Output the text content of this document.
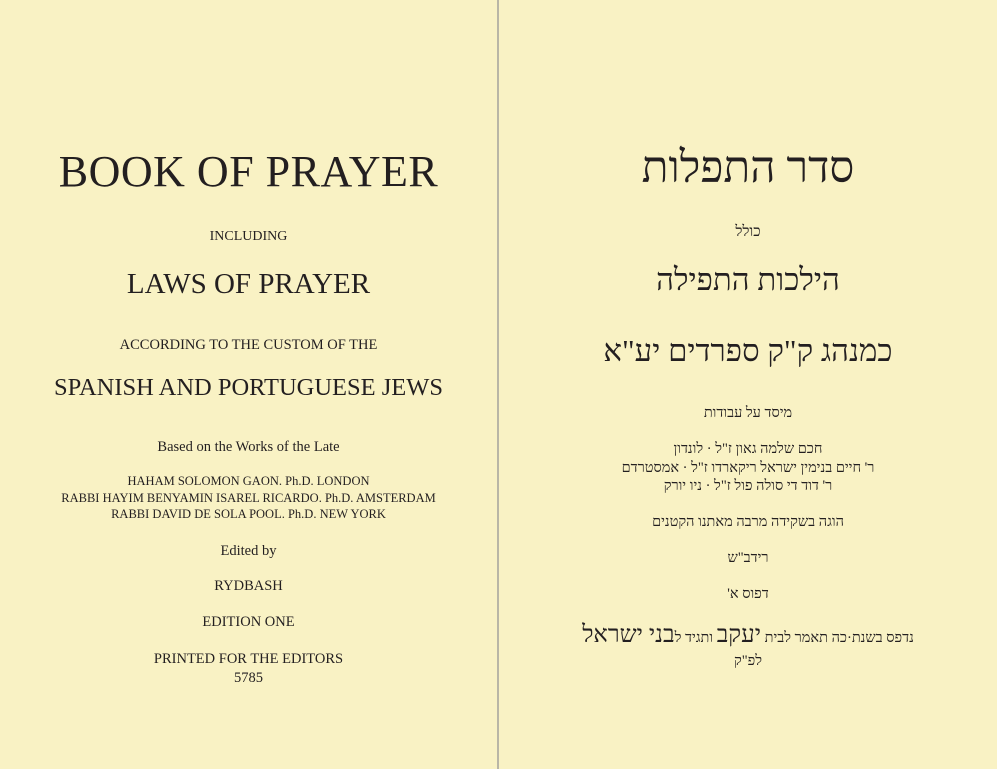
BOOK OF PRAYER
INCLUDING
LAWS OF PRAYER
ACCORDING TO THE CUSTOM OF THE
SPANISH AND PORTUGUESE JEWS
Based on the Works of the Late
HAHAM SOLOMON GAON. Ph.D. LONDON
RABBI HAYIM BENYAMIN ISAREL RICARDO. Ph.D. AMSTERDAM
RABBI DAVID DE SOLA POOL. Ph.D. NEW YORK
Edited by
RYDBASH
EDITION ONE
PRINTED FOR THE EDITORS
5785
סדר התפלות
כולל
הילכות התפילה
כמנהג ק"ק ספרדים יע"א
מיסד על עבודות
חכם שלמה גאון ז"ל · לונדון
ר' חיים בנימין ישראל ריקארדו ז"ל · אמסטרדם
ר' דוד די סולה פול ז"ל · ניו יורק
הוגה בשקידה מרבה מאתנו הקטנים
רידב"ש
דפוס א'
נדפס בשנת·כה תאמר לבית יעקב ותגיד לבני ישראל
לפ"ק
